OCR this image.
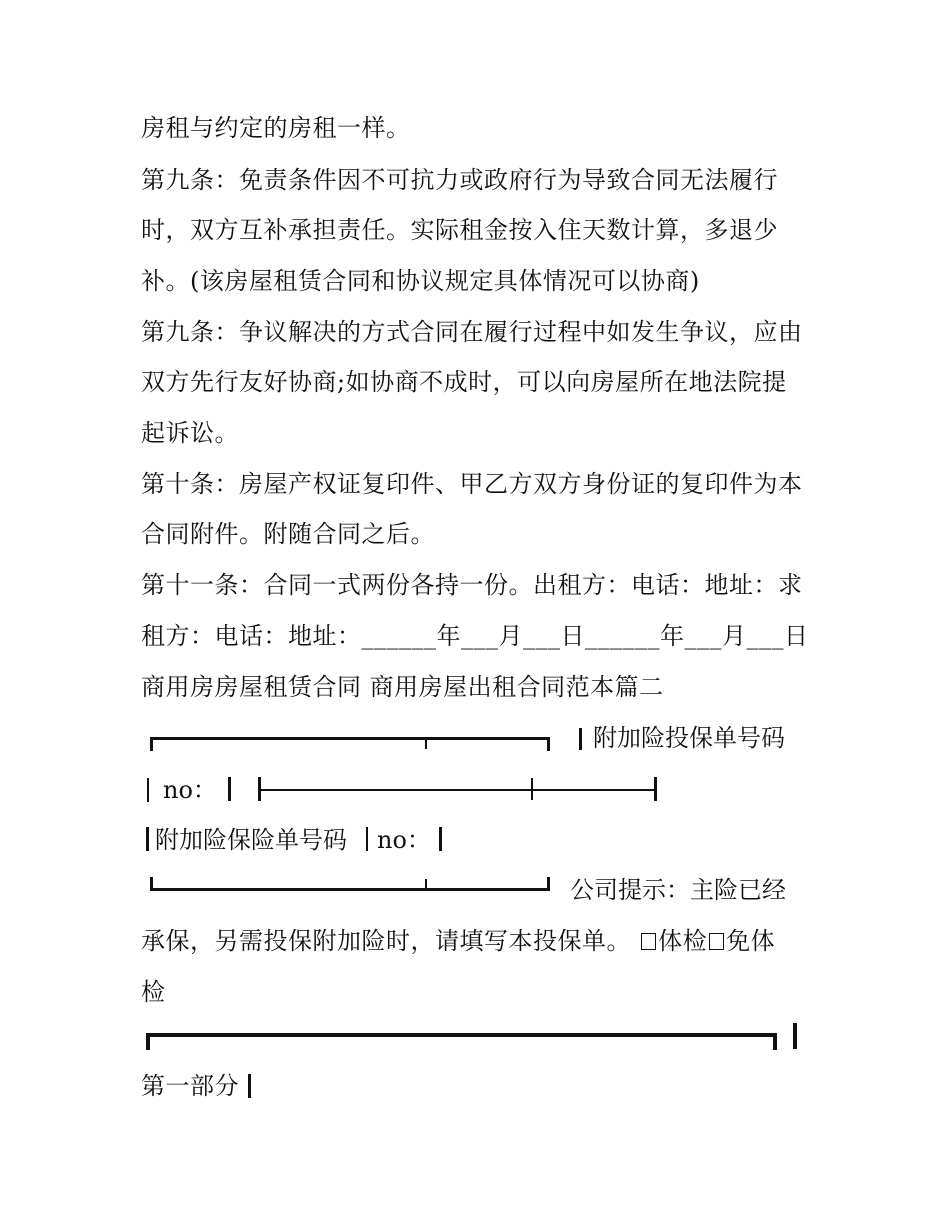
房租与约定的房租一样。
第九条：免责条件因不可抗力或政府行为导致合同无法履行
时，双方互补承担责任。实际租金按入住天数计算，多退少
补。(该房屋租赁合同和协议规定具体情况可以协商)
第九条：争议解决的方式合同在履行过程中如发生争议，应由
双方先行友好协商;如协商不成时，可以向房屋所在地法院提
起诉讼。
第十条：房屋产权证复印件、甲乙方双方身份证的复印件为本
合同附件。附随合同之后。
第十一条：合同一式两份各持一份。出租方：电话：地址：求
租方：电话：地址：______年___月___日______年___月___日
商用房房屋租赁合同 商用房屋出租合同范本篇二
附加险投保单号码
no：
附加险保险单号码 no：
公司提示：主险已经
承保，另需投保附加险时，请填写本投保单。 体检 免体
检
第一部分
